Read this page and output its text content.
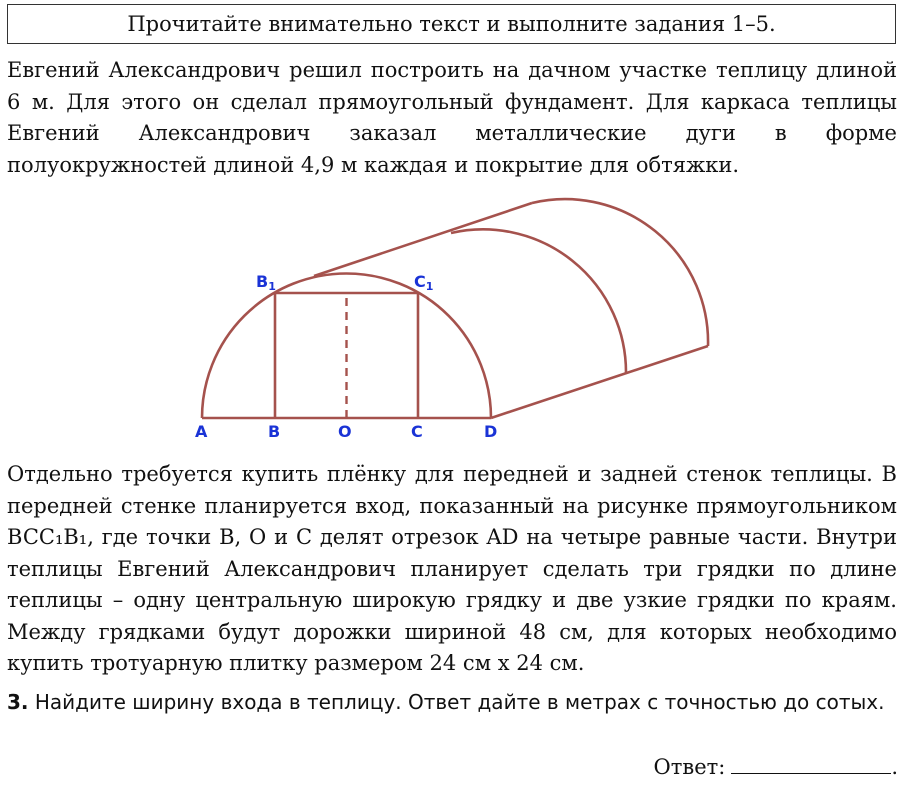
Прочитайте внимательно текст и выполните задания 1–5.
Евгений Александрович решил построить на дачном участке теплицу длиной 6 м. Для этого он сделал прямоугольный фундамент. Для каркаса теплицы Евгений Александрович заказал металлические дуги в форме полуокружностей длиной 4,9 м каждая и покрытие для обтяжки.
A	B	O	C	D
B1	C1
Отдельно требуется купить плёнку для передней и задней стенок теплицы. В передней стенке планируется вход, показанный на рисунке прямоугольником BCC₁B₁, где точки B, O и C делят отрезок AD на четыре равные части. Внутри теплицы Евгений Александрович планирует сделать три грядки по длине теплицы – одну центральную широкую грядку и две узкие грядки по краям. Между грядками будут дорожки шириной 48 см, для которых необходимо купить тротуарную плитку размером 24 см х 24 см.
3. Найдите ширину входа в теплицу. Ответ дайте в метрах с точностью до сотых.
Ответ:	.
